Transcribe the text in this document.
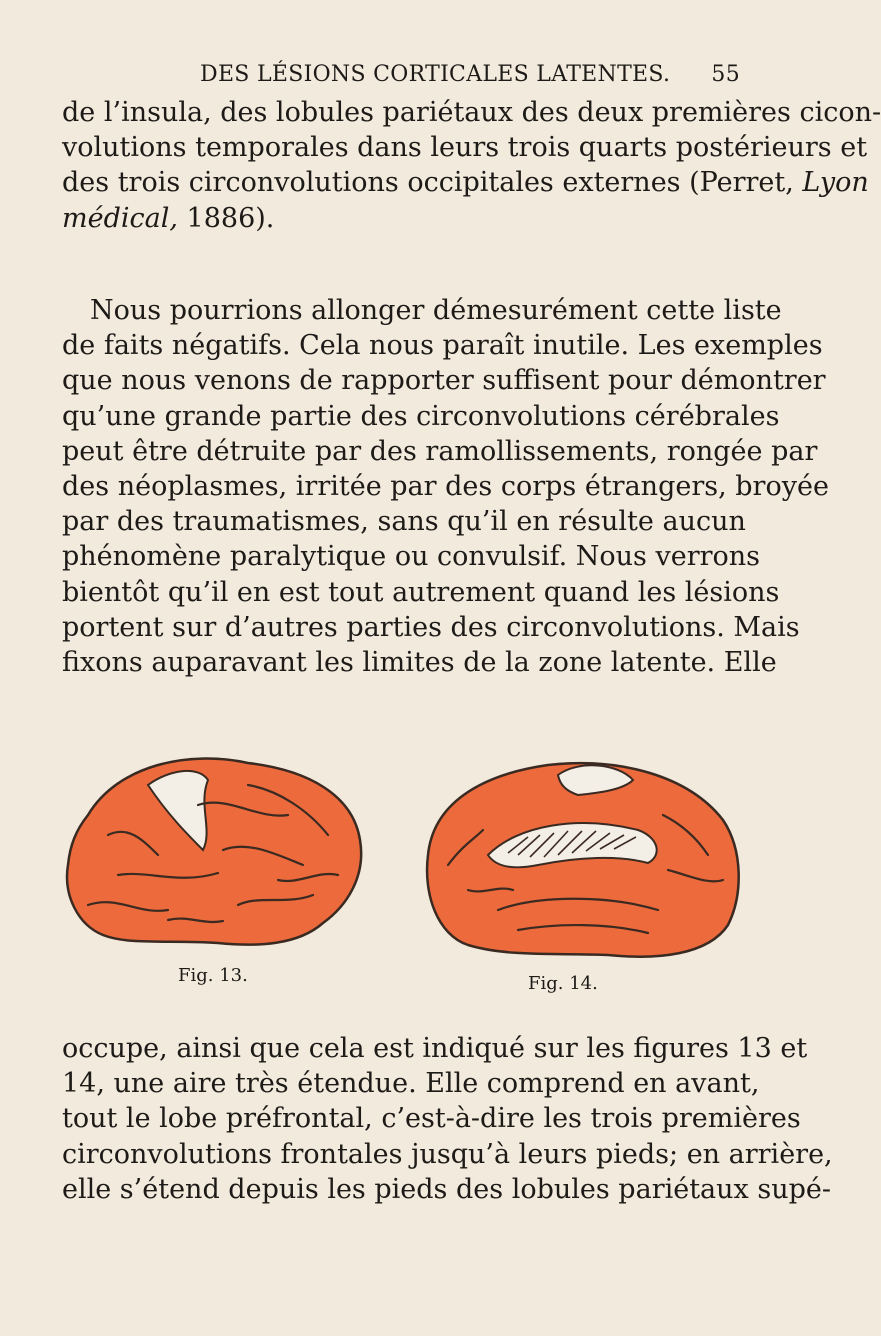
DES LÉSIONS CORTICALES LATENTES. 55
de l’insula, des lobules pariétaux des deux premières cicon-
volutions temporales dans leurs trois quarts postérieurs et
des trois circonvolutions occipitales externes (Perret, Lyon
médical, 1886).
Nous pourrions allonger démesurément cette liste
de faits négatifs. Cela nous paraît inutile. Les exemples
que nous venons de rapporter suffisent pour démontrer
qu’une grande partie des circonvolutions cérébrales
peut être détruite par des ramollissements, rongée par
des néoplasmes, irritée par des corps étrangers, broyée
par des traumatismes, sans qu’il en résulte aucun
phénomène paralytique ou convulsif. Nous verrons
bientôt qu’il en est tout autrement quand les lésions
portent sur d’autres parties des circonvolutions. Mais
fixons auparavant les limites de la zone latente. Elle
Fig. 13.	Fig. 14.
occupe, ainsi que cela est indiqué sur les figures 13 et
14, une aire très étendue. Elle comprend en avant,
tout le lobe préfrontal, c’est-à-dire les trois premières
circonvolutions frontales jusqu’à leurs pieds; en arrière,
elle s’étend depuis les pieds des lobules pariétaux supé-
